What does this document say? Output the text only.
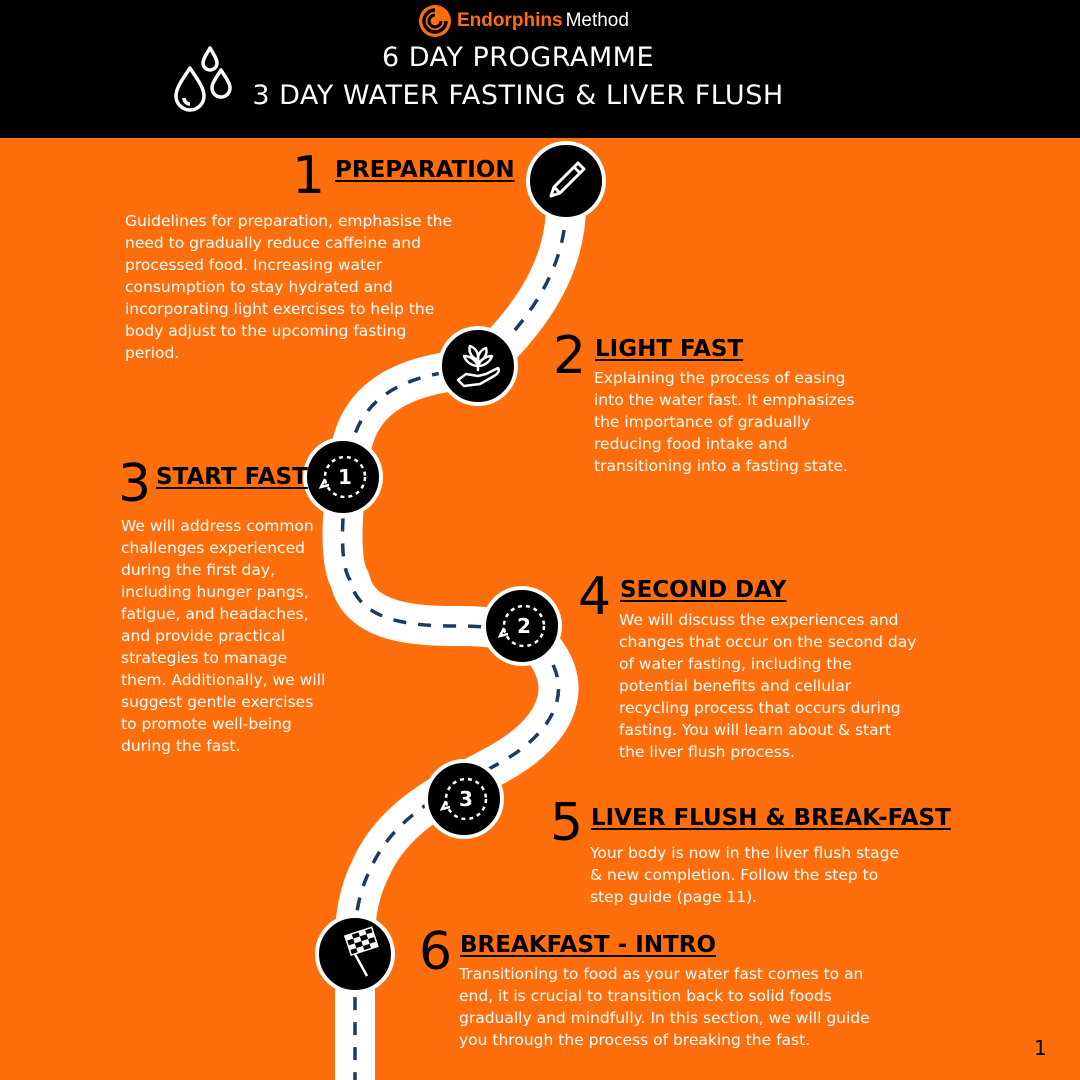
Endorphins Method
6 DAY PROGRAMME
3 DAY WATER FASTING & LIVER FLUSH
1 PREPARATION
Guidelines for preparation, emphasise the need to gradually reduce caffeine and processed food. Increasing water consumption to stay hydrated and incorporating light exercises to help the body adjust to the upcoming fasting period.	2 LIGHT FAST
Explaining the process of easing into the water fast. It emphasizes the importance of gradually reducing food intake and transitioning into a fasting state.
1
3 START FAST
We will address common challenges experienced during the first day, including hunger pangs, fatigue, and headaches, and provide practical strategies to manage them. Additionally, we will suggest gentle exercises to promote well-being during the fast.
2 4 SECOND DAY
We will discuss the experiences and changes that occur on the second day of water fasting, including the potential benefits and cellular recycling process that occurs during fasting. You will learn about & start the liver flush process.
3 5 LIVER FLUSH & BREAK-FAST
Your body is now in the liver flush stage & new completion. Follow the step to step guide (page 11).
6 BREAKFAST - INTRO
Transitioning to food as your water fast comes to an end, it is crucial to transition back to solid foods gradually and mindfully. In this section, we will guide you through the process of breaking the fast.	1
